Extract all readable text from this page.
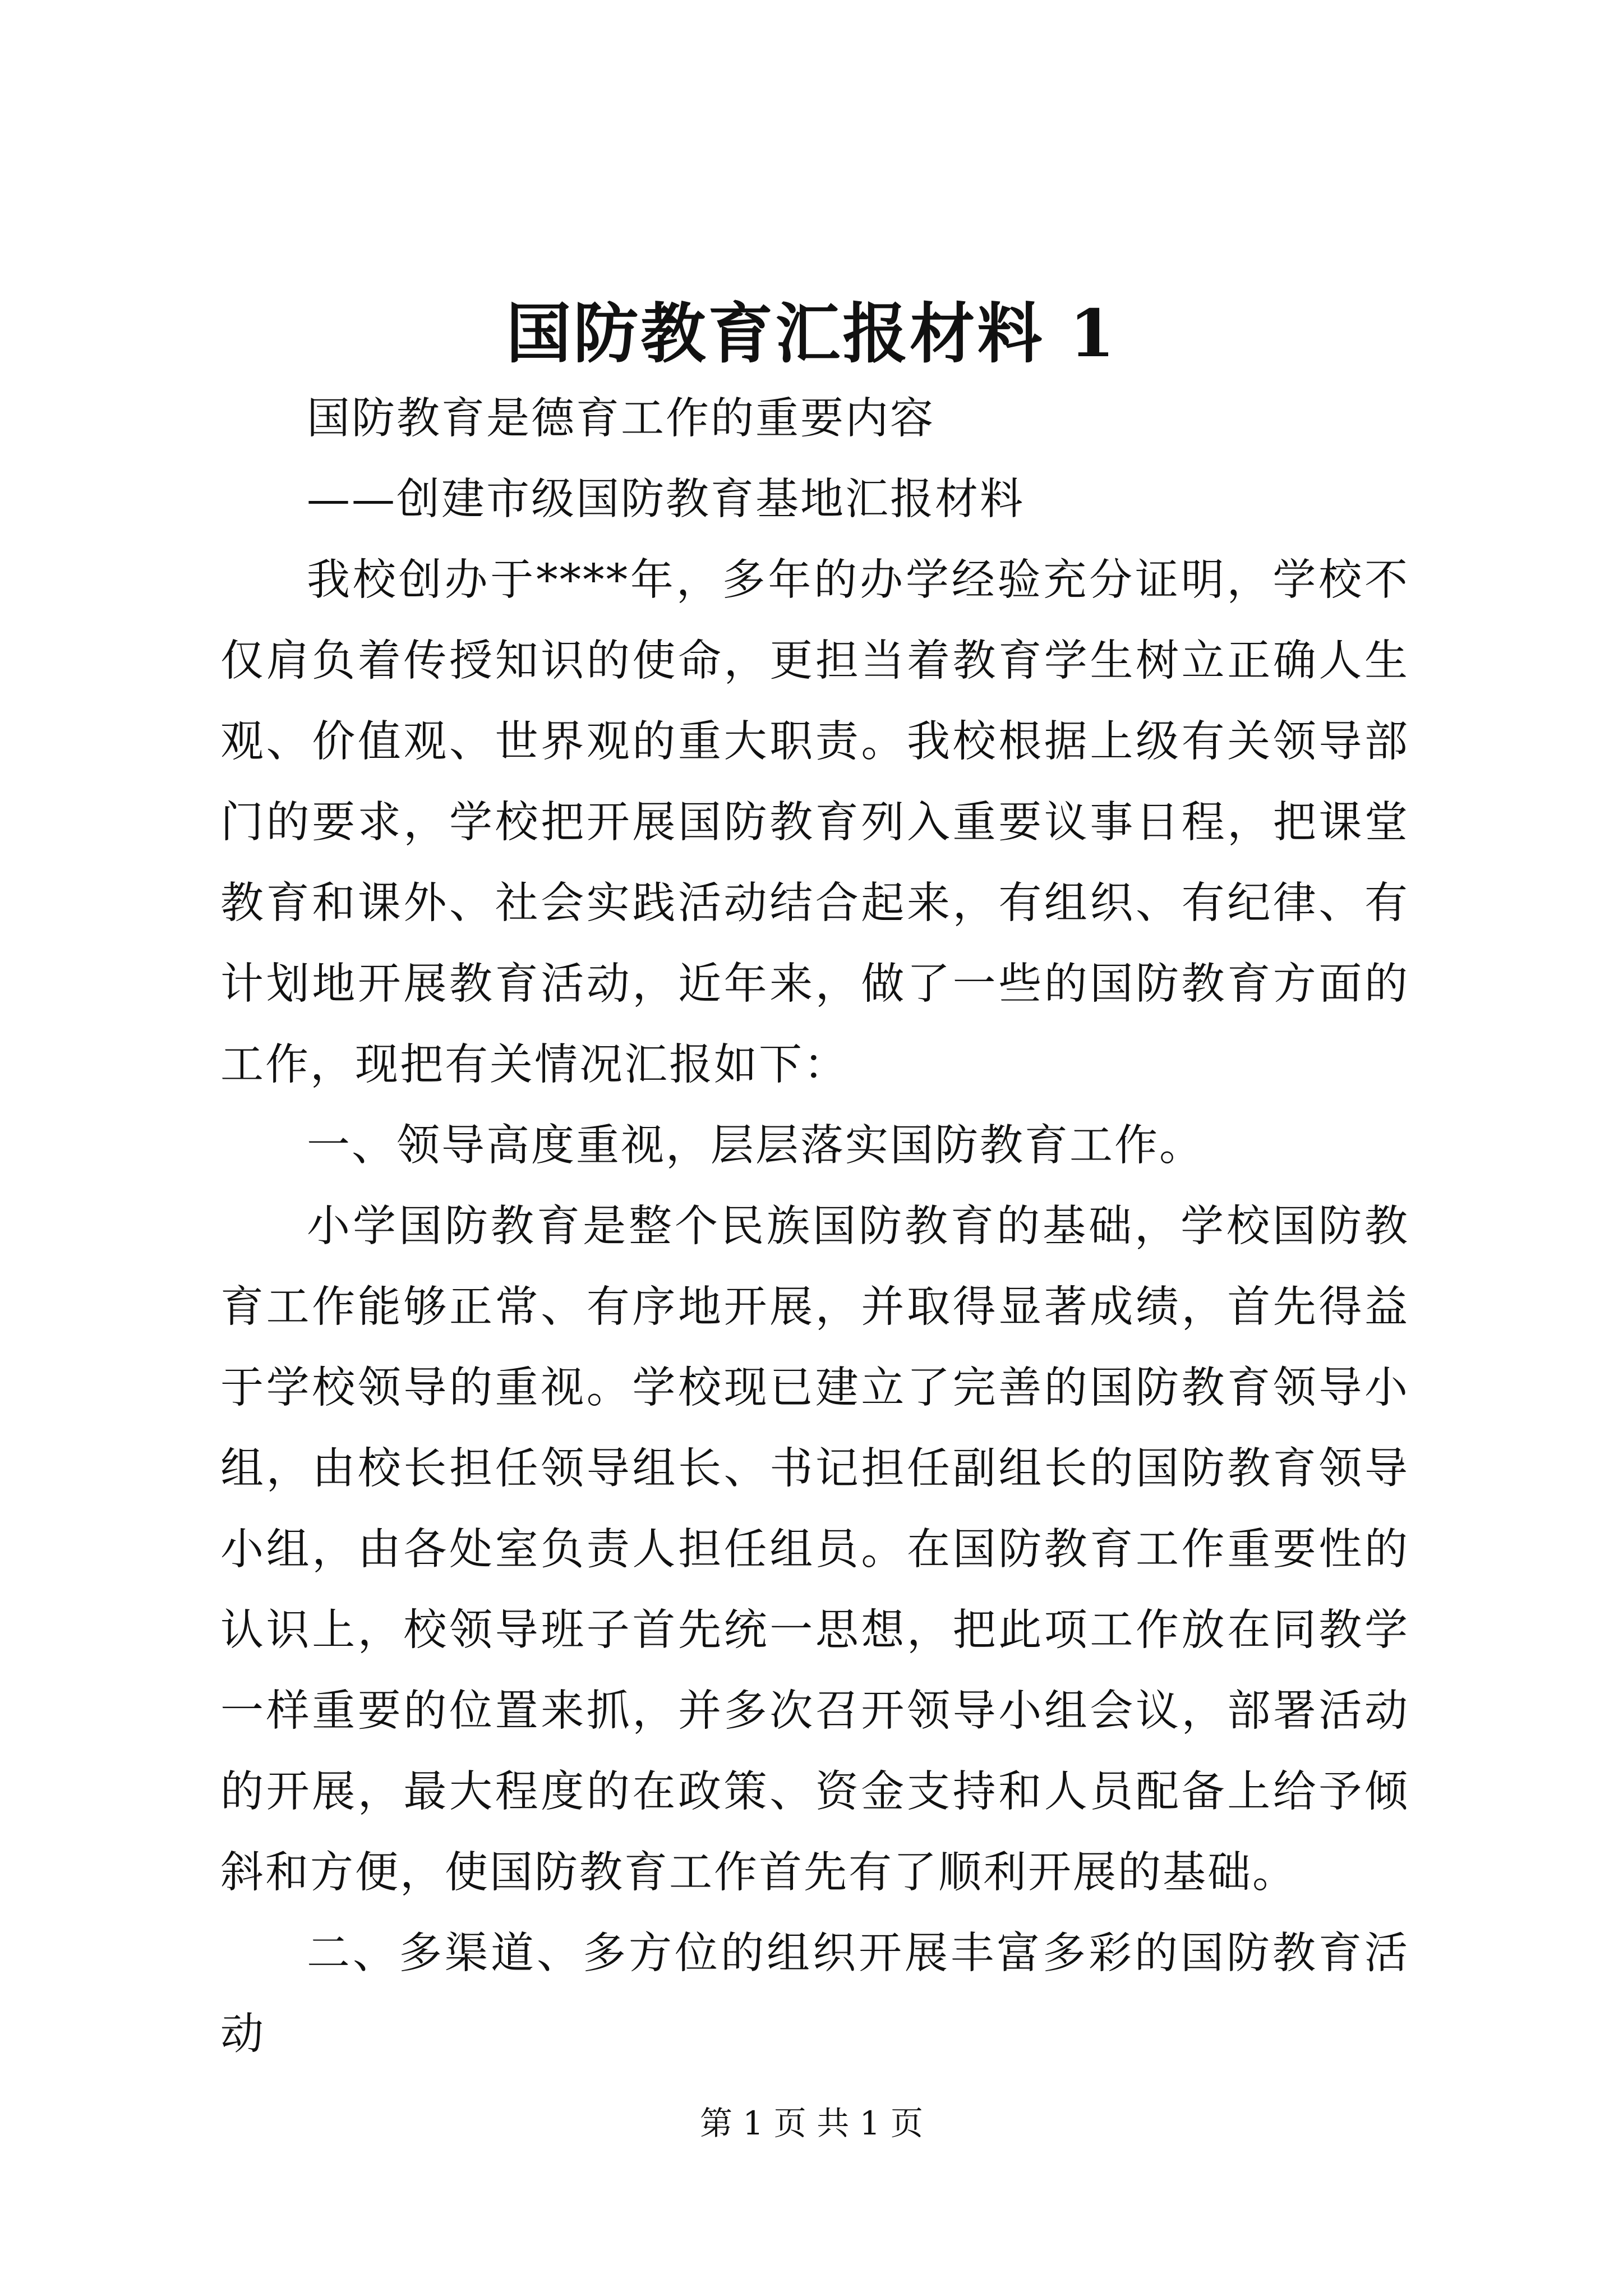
国防教育汇报材料 1

国防教育是德育工作的重要内容

——创建市级国防教育基地汇报材料

我校创办于****年，多年的办学经验充分证明，学校不仅肩负着传授知识的使命，更担当着教育学生树立正确人生观、价值观、世界观的重大职责。我校根据上级有关领导部门的要求，学校把开展国防教育列入重要议事日程，把课堂教育和课外、社会实践活动结合起来，有组织、有纪律、有计划地开展教育活动，近年来，做了一些的国防教育方面的工作，现把有关情况汇报如下：

一、领导高度重视，层层落实国防教育工作。

小学国防教育是整个民族国防教育的基础，学校国防教育工作能够正常、有序地开展，并取得显著成绩，首先得益于学校领导的重视。学校现已建立了完善的国防教育领导小组，由校长担任领导组长、书记担任副组长的国防教育领导小组，由各处室负责人担任组员。在国防教育工作重要性的认识上，校领导班子首先统一思想，把此项工作放在同教学一样重要的位置来抓，并多次召开领导小组会议，部署活动的开展，最大程度的在政策、资金支持和人员配备上给予倾斜和方便，使国防教育工作首先有了顺利开展的基础。

二、多渠道、多方位的组织开展丰富多彩的国防教育活动

第 1 页 共 1 页
